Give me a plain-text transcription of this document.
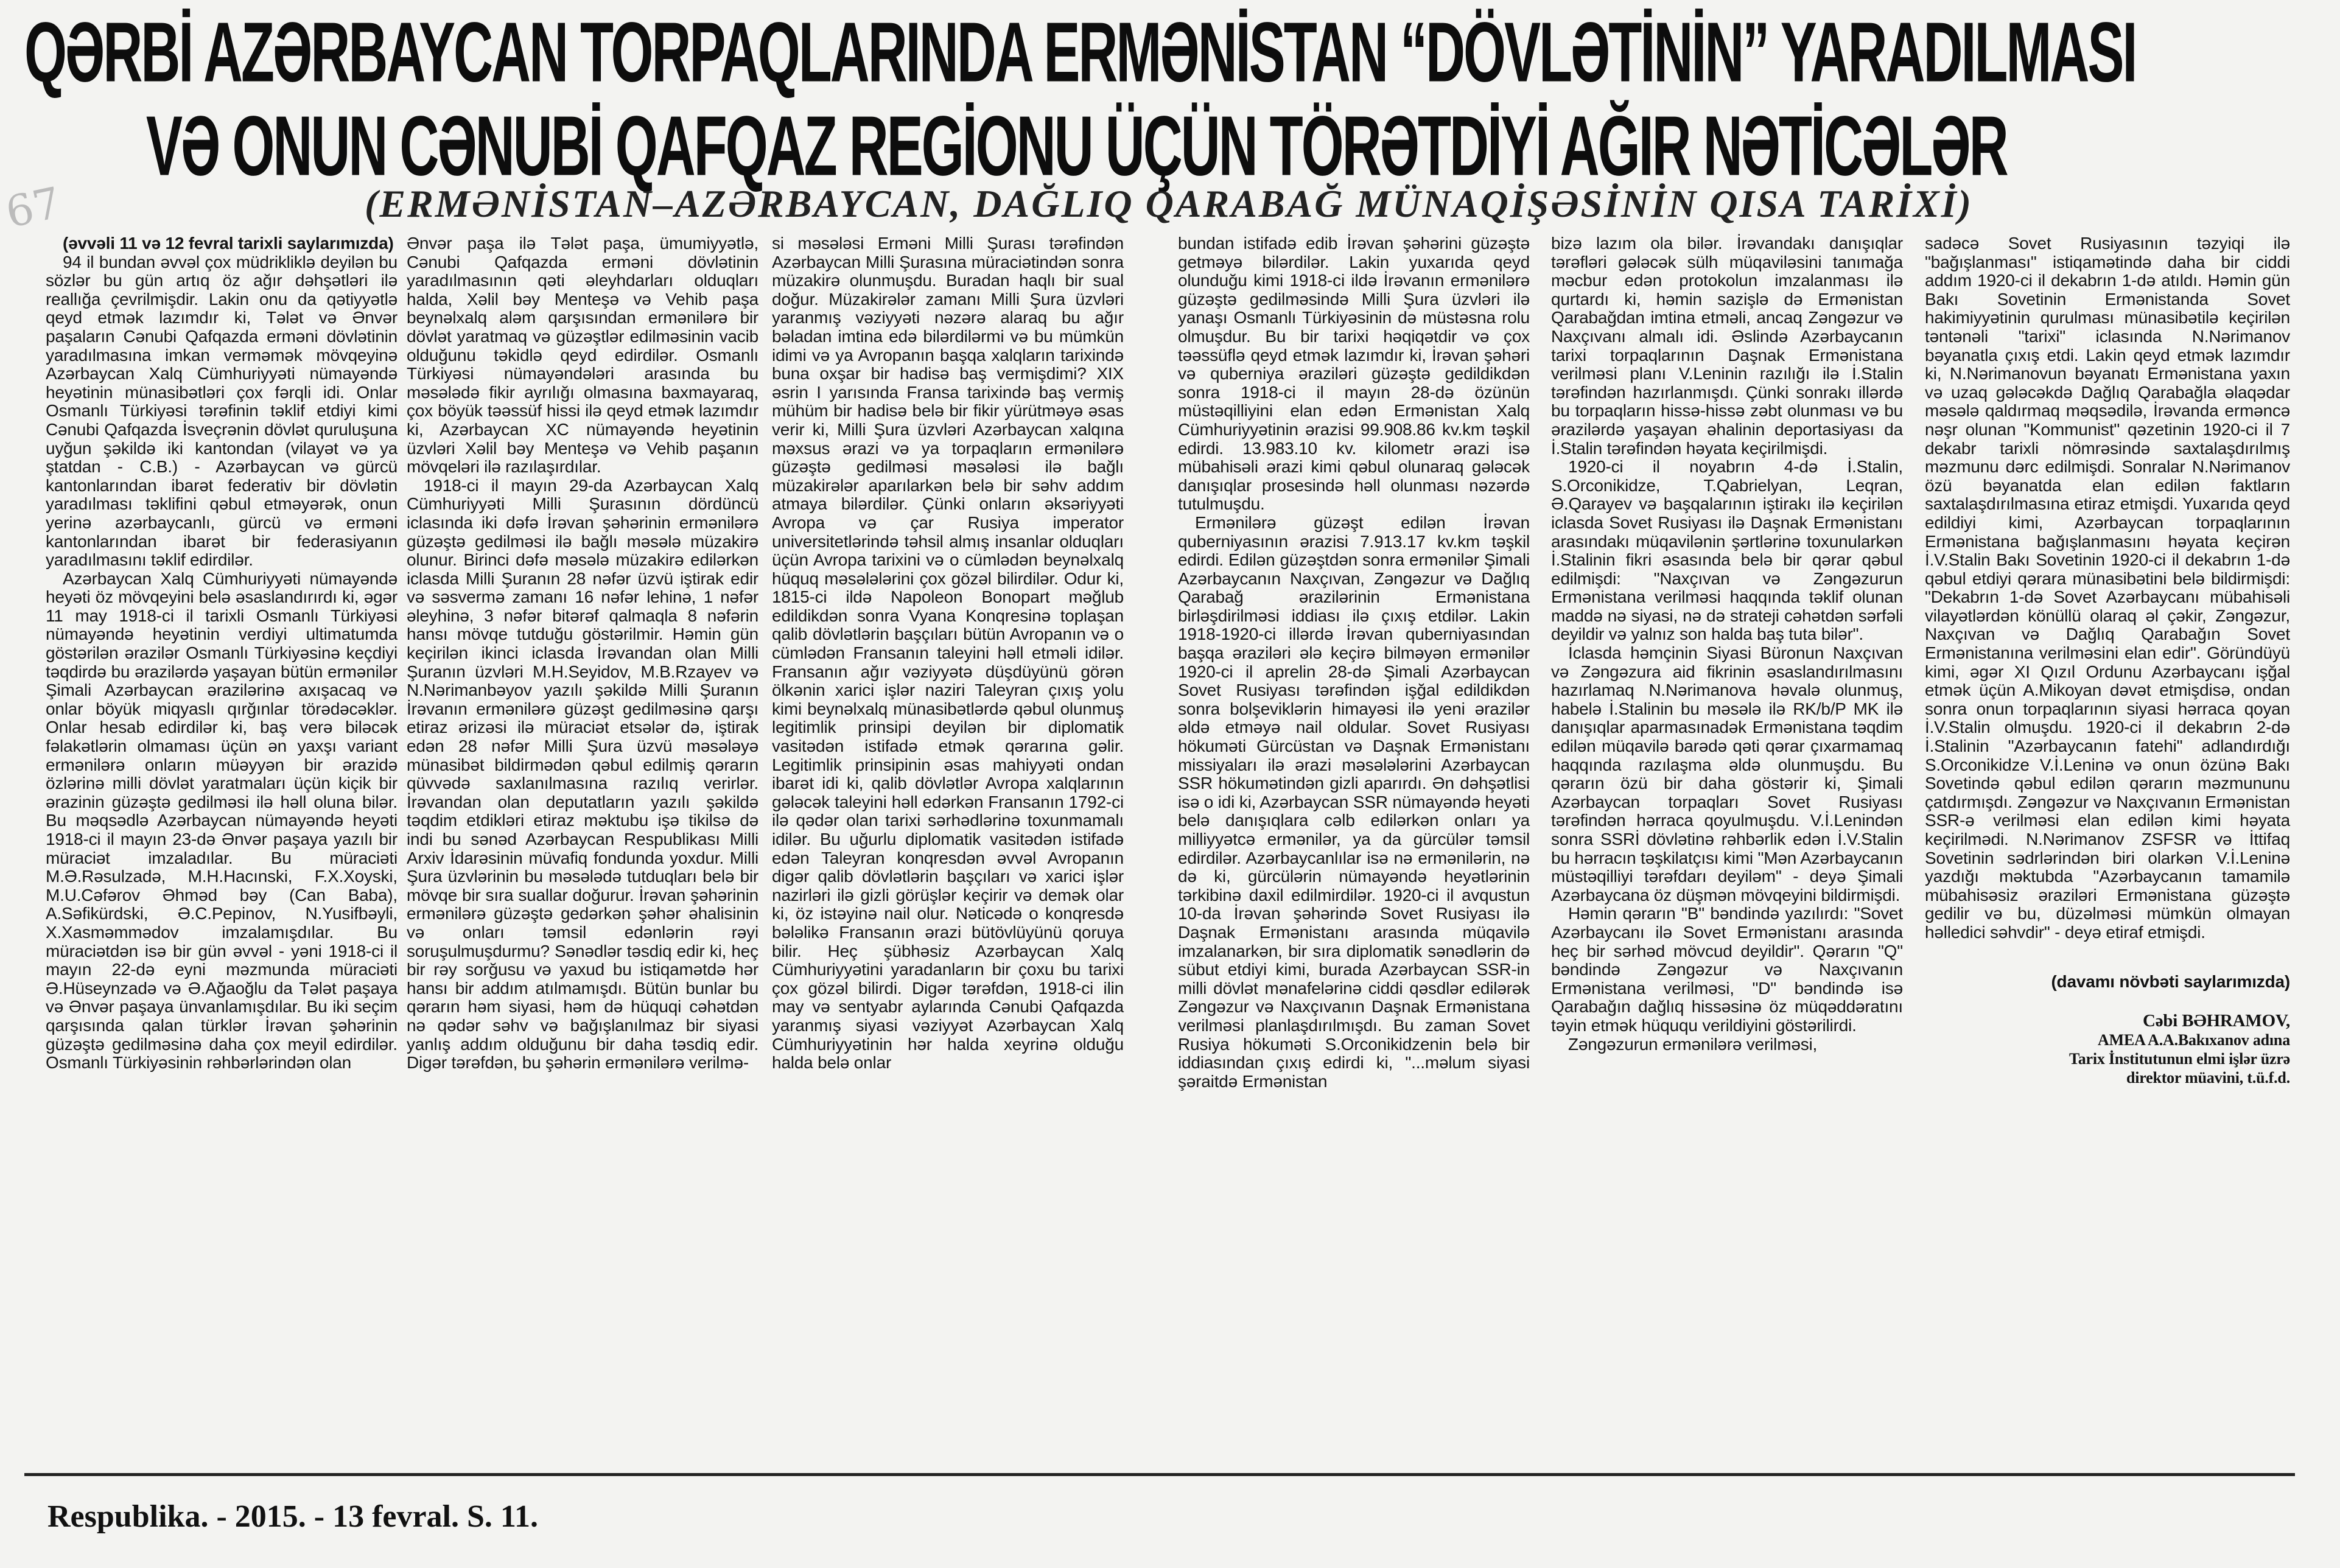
67
QƏRBİ AZƏRBAYCAN TORPAQLARINDA ERMƏNİSTAN “DÖVLƏTİNİN” YARADILMASI
VƏ ONUN CƏNUBİ QAFQAZ REGİONU ÜÇÜN TÖRƏTDİYİ AĞIR NƏTİCƏLƏR
(ERMƏNİSTAN–AZƏRBAYCAN, DAĞLIQ QARABAĞ MÜNAQİŞƏSİNİN QISA TARİXİ)

(əvvəli 11 və 12 fevral tarixli saylarımızda)

94 il bundan əvvəl çox müdrikliklə deyilən bu sözlər bu gün artıq öz ağır dəhşətləri ilə reallığa çevrilmişdir. Lakin onu da qətiyyətlə qeyd etmək lazımdır ki, Tələt və Ənvər paşaların Cənubi Qafqazda erməni dövlətinin yaradılmasına imkan verməmək mövqeyinə Azərbaycan Xalq Cümhuriyyəti nümayəndə heyətinin münasibətləri çox fərqli idi. Onlar Osmanlı Türkiyəsi tərəfinin təklif etdiyi kimi Cənubi Qafqazda İsveçrənin dövlət quruluşuna uyğun şəkildə iki kantondan (vilayət və ya ştatdan - C.B.) - Azərbaycan və gürcü kantonlarından ibarət federativ bir dövlətin yaradılması təklifini qəbul etməyərək, onun yerinə azərbaycanlı, gürcü və erməni kantonlarından ibarət bir federasiyanın yaradılmasını təklif edirdilər.

Azərbaycan Xalq Cümhuriyyəti nümayəndə heyəti öz mövqeyini belə əsaslandırırdı ki, əgər 11 may 1918-ci il tarixli Osmanlı Türkiyəsi nümayəndə heyətinin verdiyi ultimatumda göstərilən ərazilər Osmanlı Türkiyəsinə keçdiyi təqdirdə bu ərazilərdə yaşayan bütün ermənilər Şimali Azərbaycan ərazilərinə axışacaq və onlar böyük miqyaslı qırğınlar törədəcəklər. Onlar hesab edirdilər ki, baş verə biləcək fəlakətlərin olmaması üçün ən yaxşı variant ermənilərə onların müəyyən bir ərazidə özlərinə milli dövlət yaratmaları üçün kiçik bir ərazinin güzəştə gedilməsi ilə həll oluna bilər. Bu məqsədlə Azərbaycan nümayəndə heyəti 1918-ci il mayın 23-də Ənvər paşaya yazılı bir müraciət imzaladılar. Bu müraciəti M.Ə.Rəsulzadə, M.H.Hacınski, F.X.Xoyski, M.U.Cəfərov Əhməd bəy (Can Baba), A.Səfikürdski, Ə.C.Pepinov, N.Yusifbəyli, X.Xasməmmədov imzalamışdılar. Bu müraciətdən isə bir gün əvvəl - yəni 1918-ci il mayın 22-də eyni məzmunda müraciəti Ə.Hüseynzadə və Ə.Ağaoğlu da Tələt paşaya və Ənvər paşaya ünvanlamışdılar. Bu iki seçim qarşısında qalan türklər İrəvan şəhərinin güzəştə gedilməsinə daha çox meyil edirdilər. Osmanlı Türkiyəsinin rəhbərlərindən olan

Ənvər paşa ilə Tələt paşa, ümumiyyətlə, Cənubi Qafqazda erməni dövlətinin yaradılmasının qəti əleyhdarları olduqları halda, Xəlil bəy Menteşə və Vehib paşa beynəlxalq aləm qarşısından ermənilərə bir dövlət yaratmaq və güzəştlər edilməsinin vacib olduğunu təkidlə qeyd edirdilər. Osmanlı Türkiyəsi nümayəndələri arasında bu məsələdə fikir ayrılığı olmasına baxmayaraq, çox böyük təəssüf hissi ilə qeyd etmək lazımdır ki, Azərbaycan XC nümayəndə heyətinin üzvləri Xəlil bəy Menteşə və Vehib paşanın mövqeləri ilə razılaşırdılar.

1918-ci il mayın 29-da Azərbaycan Xalq Cümhuriyyəti Milli Şurasının dördüncü iclasında iki dəfə İrəvan şəhərinin ermənilərə güzəştə gedilməsi ilə bağlı məsələ müzakirə olunur. Birinci dəfə məsələ müzakirə edilərkən iclasda Milli Şuranın 28 nəfər üzvü iştirak edir və səsvermə zamanı 16 nəfər lehinə, 1 nəfər əleyhinə, 3 nəfər bitərəf qalmaqla 8 nəfərin hansı mövqe tutduğu göstərilmir. Həmin gün keçirilən ikinci iclasda İrəvandan olan Milli Şuranın üzvləri M.H.Seyidov, M.B.Rzayev və N.Nərimanbəyov yazılı şəkildə Milli Şuranın İrəvanın ermənilərə güzəşt gedilməsinə qarşı etiraz ərizəsi ilə müraciət etsələr də, iştirak edən 28 nəfər Milli Şura üzvü məsələyə münasibət bildirmədən qəbul edilmiş qərarın qüvvədə saxlanılmasına razılıq verirlər. İrəvandan olan deputatların yazılı şəkildə təqdim etdikləri etiraz məktubu işə tikilsə də indi bu sənəd Azərbaycan Respublikası Milli Arxiv İdarəsinin müvafiq fondunda yoxdur. Milli Şura üzvlərinin bu məsələdə tutduqları belə bir mövqe bir sıra suallar doğurur. İrəvan şəhərinin ermənilərə güzəştə gedərkən şəhər əhalisinin və onları təmsil edənlərin rəyi soruşulmuşdurmu? Sənədlər təsdiq edir ki, heç bir rəy sorğusu və yaxud bu istiqamətdə hər hansı bir addım atılmamışdı. Bütün bunlar bu qərarın həm siyasi, həm də hüquqi cəhətdən nə qədər səhv və bağışlanılmaz bir siyasi yanlış addım olduğunu bir daha təsdiq edir. Digər tərəfdən, bu şəhərin ermənilərə verilmə-

si məsələsi Erməni Milli Şurası tərəfindən Azərbaycan Milli Şurasına müraciətindən sonra müzakirə olunmuşdu. Buradan haqlı bir sual doğur. Müzakirələr zamanı Milli Şura üzvləri yaranmış vəziyyəti nəzərə alaraq bu ağır bəladan imtina edə bilərdilərmi və bu mümkün idimi və ya Avropanın başqa xalqların tarixində buna oxşar bir hadisə baş vermişdimi? XIX əsrin I yarısında Fransa tarixində baş vermiş mühüm bir hadisə belə bir fikir yürütməyə əsas verir ki, Milli Şura üzvləri Azərbaycan xalqına məxsus ərazi və ya torpaqların ermənilərə güzəştə gedilməsi məsələsi ilə bağlı müzakirələr aparılarkən belə bir səhv addım atmaya bilərdilər. Çünki onların əksəriyyəti Avropa və çar Rusiya imperator universitetlərində təhsil almış insanlar olduqları üçün Avropa tarixini və o cümlədən beynəlxalq hüquq məsələlərini çox gözəl bilirdilər. Odur ki, 1815-ci ildə Napoleon Bonopart məğlub edildikdən sonra Vyana Konqresinə toplaşan qalib dövlətlərin başçıları bütün Avropanın və o cümlədən Fransanın taleyini həll etməli idilər. Fransanın ağır vəziyyətə düşdüyünü görən ölkənin xarici işlər naziri Taleyran çıxış yolu kimi beynəlxalq münasibətlərdə qəbul olunmuş legitimlik prinsipi deyilən bir diplomatik vasitədən istifadə etmək qərarına gəlir. Legitimlik prinsipinin əsas mahiyyəti ondan ibarət idi ki, qalib dövlətlər Avropa xalqlarının gələcək taleyini həll edərkən Fransanın 1792-ci ilə qədər olan tarixi sərhədlərinə toxunmamalı idilər. Bu uğurlu diplomatik vasitədən istifadə edən Taleyran konqresdən əvvəl Avropanın digər qalib dövlətlərin başçıları və xarici işlər nazirləri ilə gizli görüşlər keçirir və demək olar ki, öz istəyinə nail olur. Nəticədə o konqresdə bələlikə Fransanın ərazi bütövlüyünü qoruya bilir. Heç şübhəsiz Azərbaycan Xalq Cümhuriyyətini yaradanların bir çoxu bu tarixi çox gözəl bilirdi. Digər tərəfdən, 1918-ci ilin may və sentyabr aylarında Cənubi Qafqazda yaranmış siyasi vəziyyət Azərbaycan Xalq Cümhuriyyətinin hər halda xeyrinə olduğu halda belə onlar

bundan istifadə edib İrəvan şəhərini güzəştə getməyə bilərdilər. Lakin yuxarıda qeyd olunduğu kimi 1918-ci ildə İrəvanın ermənilərə güzəştə gedilməsində Milli Şura üzvləri ilə yanaşı Osmanlı Türkiyəsinin də müstəsna rolu olmuşdur. Bu bir tarixi həqiqətdir və çox təəssüflə qeyd etmək lazımdır ki, İrəvan şəhəri və quberniya əraziləri güzəştə gedildikdən sonra 1918-ci il mayın 28-də özünün müstəqilliyini elan edən Ermənistan Xalq Cümhuriyyətinin ərazisi 99.908.86 kv.km təşkil edirdi. 13.983.10 kv. kilometr ərazi isə mübahisəli ərazi kimi qəbul olunaraq gələcək danışıqlar prosesində həll olunması nəzərdə tutulmuşdu.

Ermənilərə güzəşt edilən İrəvan quberniyasının ərazisi 7.913.17 kv.km təşkil edirdi. Edilən güzəştdən sonra ermənilər Şimali Azərbaycanın Naxçıvan, Zəngəzur və Dağlıq Qarabağ ərazilərinin Ermənistana birləşdirilməsi iddiası ilə çıxış etdilər. Lakin 1918-1920-ci illərdə İrəvan quberniyasından başqa əraziləri ələ keçirə bilməyən ermənilər 1920-ci il aprelin 28-də Şimali Azərbaycan Sovet Rusiyası tərəfindən işğal edildikdən sonra bolşeviklərin himayəsi ilə yeni ərazilər əldə etməyə nail oldular. Sovet Rusiyası hökuməti Gürcüstan və Daşnak Ermənistanı missiyaları ilə ərazi məsələlərini Azərbaycan SSR hökumətindən gizli aparırdı. Ən dəhşətlisi isə o idi ki, Azərbaycan SSR nümayəndə heyəti belə danışıqlara cəlb edilərkən onları ya milliyyətcə ermənilər, ya da gürcülər təmsil edirdilər. Azərbaycanlılar isə nə ermənilərin, nə də ki, gürcülərin nümayəndə heyətlərinin tərkibinə daxil edilmirdilər. 1920-ci il avqustun 10-da İrəvan şəhərində Sovet Rusiyası ilə Daşnak Ermənistanı arasında müqavilə imzalanarkən, bir sıra diplomatik sənədlərin də sübut etdiyi kimi, burada Azərbaycan SSR-in milli dövlət mənafelərinə ciddi qəsdlər edilərək Zəngəzur və Naxçıvanın Daşnak Ermənistana verilməsi planlaşdırılmışdı. Bu zaman Sovet Rusiya hökuməti S.Orconikidzenin belə bir iddiasından çıxış edirdi ki, "...məlum siyasi şəraitdə Ermənistan

bizə lazım ola bilər. İrəvandakı danışıqlar tərəfləri gələcək sülh müqaviləsini tanımağa məcbur edən protokolun imzalanması ilə qurtardı ki, həmin sazişlə də Ermənistan Qarabağdan imtina etməli, ancaq Zəngəzur və Naxçıvanı almalı idi. Əslində Azərbaycanın tarixi torpaqlarının Daşnak Ermənistana verilməsi planı V.Leninin razılığı ilə İ.Stalin tərəfindən hazırlanmışdı. Çünki sonrakı illərdə bu torpaqların hissə-hissə zəbt olunması və bu ərazilərdə yaşayan əhalinin deportasiyası da İ.Stalin tərəfindən həyata keçirilmişdi.

1920-ci il noyabrın 4-də İ.Stalin, S.Orconikidze, T.Qabrielyan, Leqran, Ə.Qarayev və başqalarının iştirakı ilə keçirilən iclasda Sovet Rusiyası ilə Daşnak Ermənistanı arasındakı müqavilənin şərtlərinə toxunularkən İ.Stalinin fikri əsasında belə bir qərar qəbul edilmişdi: "Naxçıvan və Zəngəzurun Ermənistana verilməsi haqqında təklif olunan maddə nə siyasi, nə də strateji cəhətdən sərfəli deyildir və yalnız son halda baş tuta bilər".

İclasda həmçinin Siyasi Büronun Naxçıvan və Zəngəzura aid fikrinin əsaslandırılmasını hazırlamaq N.Nərimanova həvalə olunmuş, habelə İ.Stalinin bu məsələ ilə RK/b/P MK ilə danışıqlar aparmasınadək Ermənistana təqdim edilən müqavilə barədə qəti qərar çıxarmamaq haqqında razılaşma əldə olunmuşdu. Bu qərarın özü bir daha göstərir ki, Şimali Azərbaycan torpaqları Sovet Rusiyası tərəfindən hərraca qoyulmuşdu. V.İ.Lenindən sonra SSRİ dövlətinə rəhbərlik edən İ.V.Stalin bu hərracın təşkilatçısı kimi "Mən Azərbaycanın müstəqilliyi tərəfdarı deyiləm" - deyə Şimali Azərbaycana öz düşmən mövqeyini bildirmişdi.

Həmin qərarın "B" bəndində yazılırdı: "Sovet Azərbaycanı ilə Sovet Ermənistanı arasında heç bir sərhəd mövcud deyildir". Qərarın "Q" bəndində Zəngəzur və Naxçıvanın Ermənistana verilməsi, "D" bəndində isə Qarabağın dağlıq hissəsinə öz müqəddəratını təyin etmək hüququ verildiyini göstərilirdi.

Zəngəzurun ermənilərə verilməsi,

sadəcə Sovet Rusiyasının təzyiqi ilə "bağışlanması" istiqamətində daha bir ciddi addım 1920-ci il dekabrın 1-də atıldı. Həmin gün Bakı Sovetinin Ermənistanda Sovet hakimiyyətinin qurulması münasibətilə keçirilən təntənəli "tarixi" iclasında N.Nərimanov bəyanatla çıxış etdi. Lakin qeyd etmək lazımdır ki, N.Nərimanovun bəyanatı Ermənistana yaxın və uzaq gələcəkdə Dağlıq Qarabağla əlaqədar məsələ qaldırmaq məqsədilə, İrəvanda erməncə nəşr olunan "Kommunist" qəzetinin 1920-ci il 7 dekabr tarixli nömrəsində saxtalaşdırılmış məzmunu dərc edilmişdi. Sonralar N.Nərimanov özü bəyanatda elan edilən faktların saxtalaşdırılmasına etiraz etmişdi. Yuxarıda qeyd edildiyi kimi, Azərbaycan torpaqlarının Ermənistana bağışlanmasını həyata keçirən İ.V.Stalin Bakı Sovetinin 1920-ci il dekabrın 1-də qəbul etdiyi qərara münasibətini belə bildirmişdi: "Dekabrın 1-də Sovet Azərbaycanı mübahisəli vilayətlərdən könüllü olaraq əl çəkir, Zəngəzur, Naxçıvan və Dağlıq Qarabağın Sovet Ermənistanına verilməsini elan edir". Göründüyü kimi, əgər XI Qızıl Ordunu Azərbaycanı işğal etmək üçün A.Mikoyan dəvət etmişdisə, ondan sonra onun torpaqlarının siyasi hərraca qoyan İ.V.Stalin olmuşdu. 1920-ci il dekabrın 2-də İ.Stalinin "Azərbaycanın fatehi" adlandırdığı S.Orconikidze V.İ.Leninə və onun özünə Bakı Sovetində qəbul edilən qərarın məzmununu çatdırmışdı. Zəngəzur və Naxçıvanın Ermənistan SSR-ə verilməsi elan edilən kimi həyata keçirilmədi. N.Nərimanov ZSFSR və İttifaq Sovetinin sədrlərindən biri olarkən V.İ.Leninə yazdığı məktubda "Azərbaycanın tamamilə mübahisəsiz əraziləri Ermənistana güzəştə gedilir və bu, düzəlməsi mümkün olmayan həlledici səhvdir" - deyə etiraf etmişdi.

(davamı növbəti saylarımızda)

Cəbi BƏHRAMOV,
AMEA A.A.Bakıxanov adına
Tarix İnstitutunun elmi işlər üzrə
direktor müavini, t.ü.f.d.
Respublika. - 2015. - 13 fevral. S. 11.
